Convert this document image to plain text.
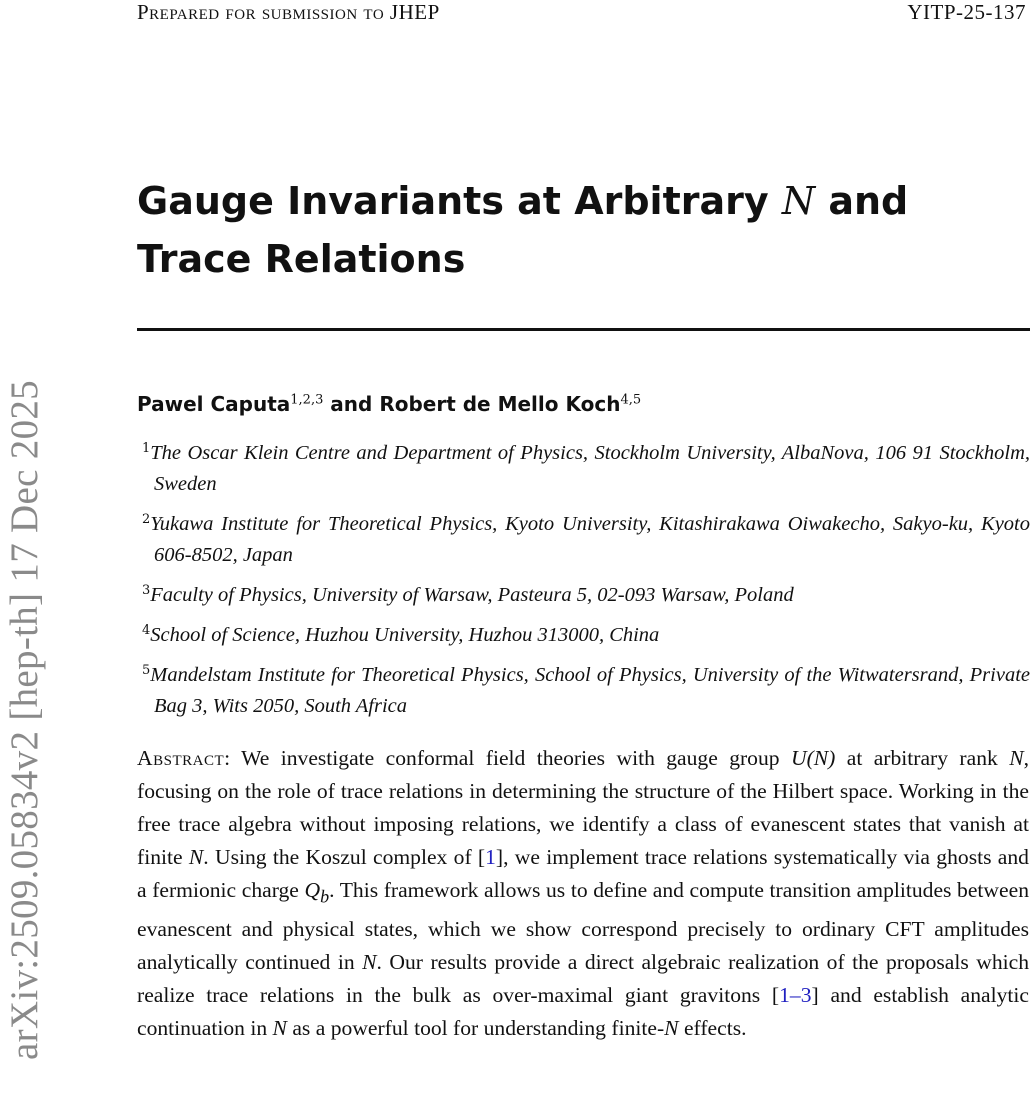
Prepared for submission to JHEP	YITP-25-137
Gauge Invariants at Arbitrary N and Trace Relations
Pawel Caputa$^{1,2,3}$ and Robert de Mello Koch$^{4,5}$
$^1$The Oscar Klein Centre and Department of Physics, Stockholm University, AlbaNova, 106 91 Stockholm, Sweden
$^2$Yukawa Institute for Theoretical Physics, Kyoto University, Kitashirakawa Oiwakecho, Sakyo-ku, Kyoto 606-8502, Japan
$^3$Faculty of Physics, University of Warsaw, Pasteura 5, 02-093 Warsaw, Poland
$^4$School of Science, Huzhou University, Huzhou 313000, China
$^5$Mandelstam Institute for Theoretical Physics, School of Physics, University of the Witwatersrand, Private Bag 3, Wits 2050, South Africa

Abstract: We investigate conformal field theories with gauge group U(N) at arbitrary rank N, focusing on the role of trace relations in determining the structure of the Hilbert space. Working in the free trace algebra without imposing relations, we identify a class of evanescent states that vanish at finite N. Using the Koszul complex of [1], we implement trace relations systematically via ghosts and a fermionic charge $Q_b$. This framework allows us to define and compute transition amplitudes between evanescent and physical states, which we show correspond precisely to ordinary CFT amplitudes analytically continued in N. Our results provide a direct algebraic realization of the proposals which realize trace relations in the bulk as over-maximal giant gravitons [1–3] and establish analytic continuation in N as a powerful tool for understanding finite-N effects.

arXiv:2509.05834v2 [hep-th] 17 Dec 2025
